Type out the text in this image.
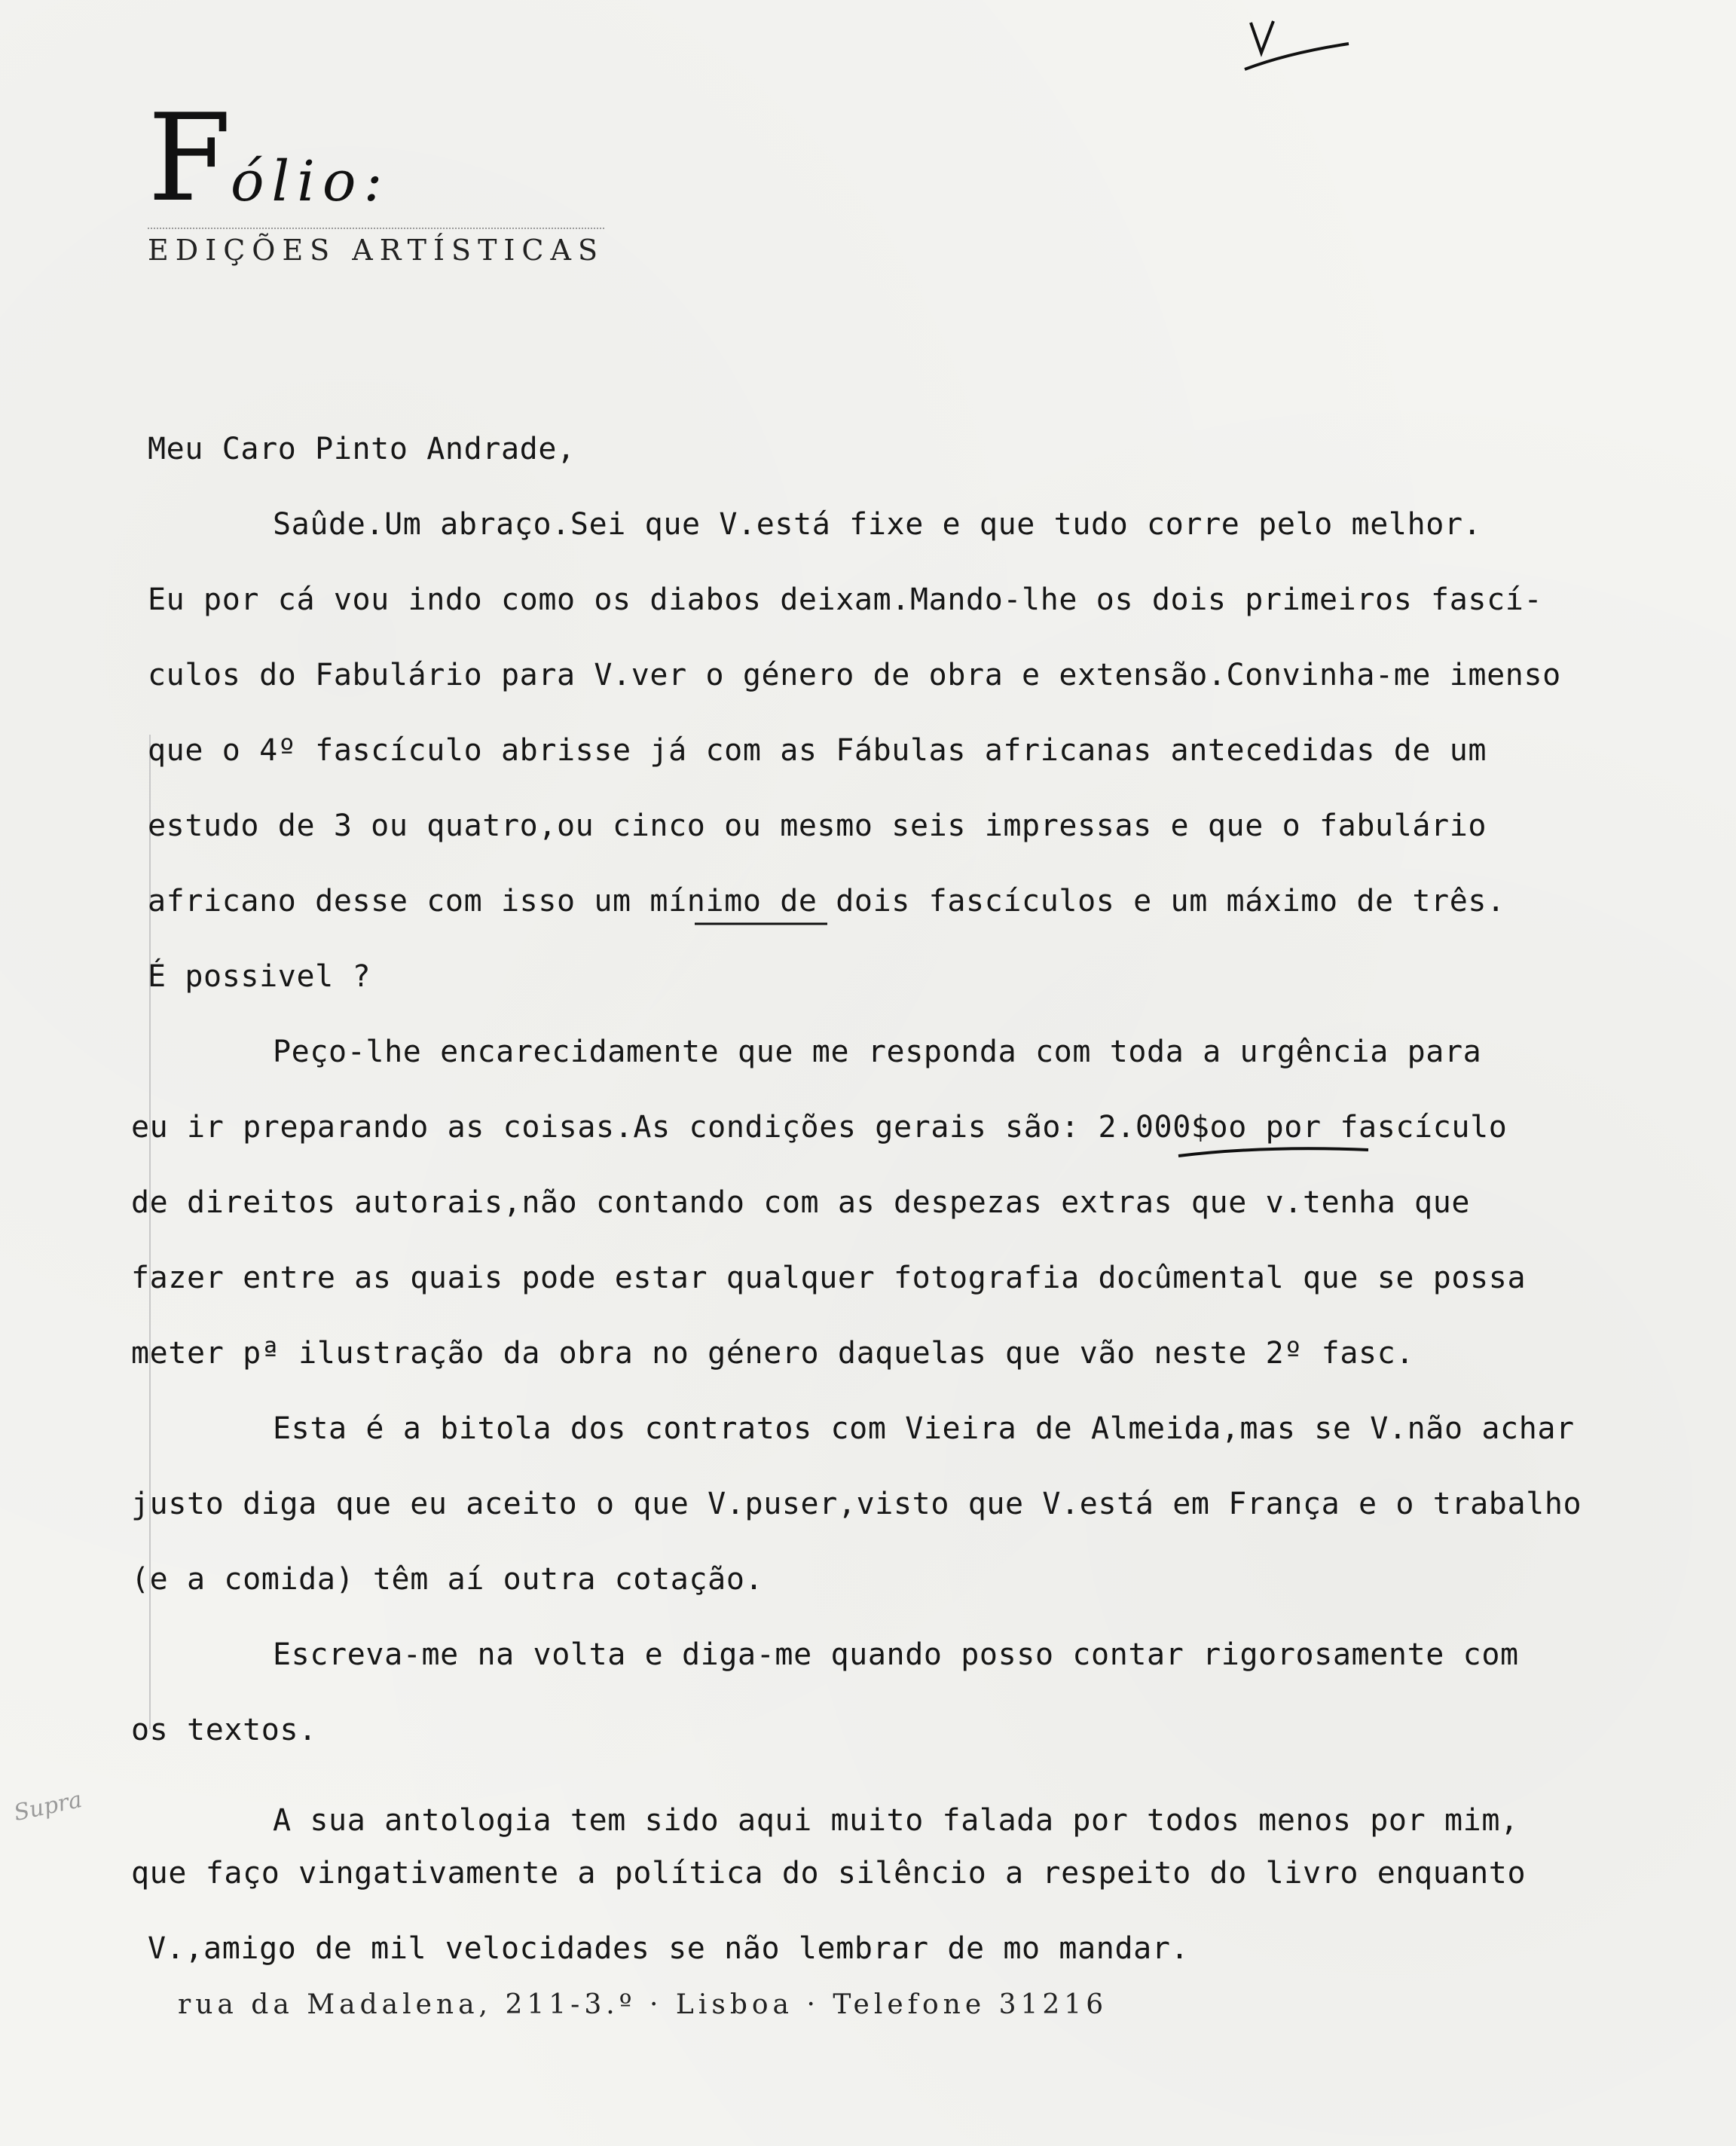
F
ólio:
EDIÇÕES ARTÍSTICAS
Meu Caro Pinto Andrade,
Saûde.Um abraço.Sei que V.está fixe e que tudo corre pelo melhor.
Eu por cá vou indo como os diabos deixam.Mando-lhe os dois primeiros fascí-
culos do Fabulário para V.ver o género de obra e extensão.Convinha-me imenso
que o 4º fascículo abrisse já com as Fábulas africanas antecedidas de um
estudo de 3 ou quatro,ou cinco ou mesmo seis impressas e que o fabulário
africano desse com isso um mínimo de dois fascículos e um máximo de três.
É possivel ?
Peço-lhe encarecidamente que me responda com toda a urgência para
eu ir preparando as coisas.As condições gerais são: 2.000$oo por fascículo
de direitos autorais,não contando com as despezas extras que v.tenha que
fazer entre as quais pode estar qualquer fotografia docûmental que se possa
meter pª ilustração da obra no género daquelas que vão neste 2º fasc.
Esta é a bitola dos contratos com Vieira de Almeida,mas se V.não achar
justo diga que eu aceito o que V.puser,visto que V.está em França e o trabalho
(e a comida) têm aí outra cotação.
Escreva-me na volta e diga-me quando posso contar rigorosamente com
os textos.
A sua antologia tem sido aqui muito falada por todos menos por mim,
que faço vingativamente a política do silêncio a respeito do livro enquanto
V.,amigo de mil velocidades se não lembrar de mo mandar.
Supra
rua da Madalena, 211-3.º · Lisboa · Telefone 31216
